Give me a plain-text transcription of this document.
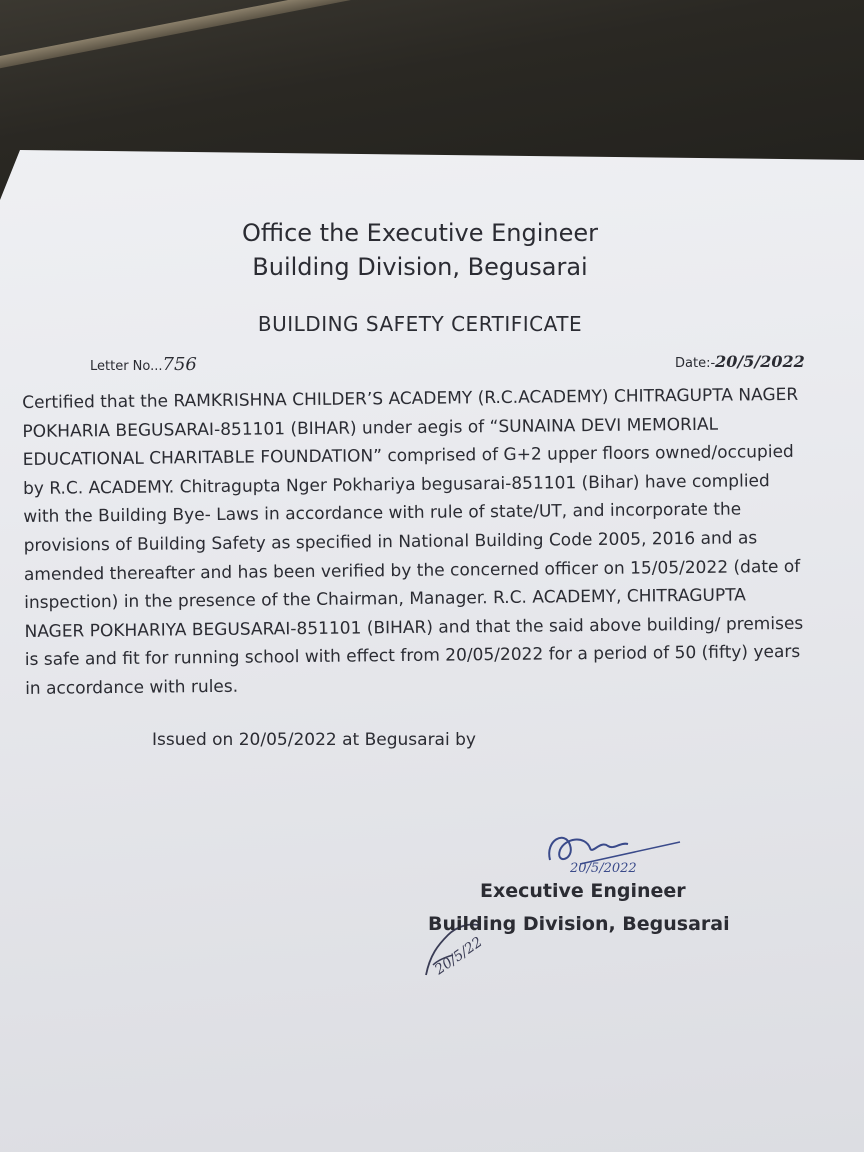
Office the Executive Engineer
Building Division, Begusarai
BUILDING SAFETY CERTIFICATE
Letter No...756	Date:-20/5/2022
Certified that the RAMKRISHNA CHILDER’S ACADEMY (R.C.ACADEMY) CHITRAGUPTA NAGER
POKHARIA BEGUSARAI-851101 (BIHAR) under aegis of “SUNAINA DEVI MEMORIAL
EDUCATIONAL CHARITABLE FOUNDATION” comprised of G+2 upper floors owned/occupied
by R.C. ACADEMY. Chitragupta Nger Pokhariya begusarai-851101 (Bihar) have complied
with the Building Bye- Laws in accordance with rule of state/UT, and incorporate the
provisions of Building Safety as specified in National Building Code 2005, 2016 and as
amended thereafter and has been verified by the concerned officer on 15/05/2022 (date of
inspection) in the presence of the Chairman, Manager. R.C. ACADEMY, CHITRAGUPTA
NAGER POKHARIYA BEGUSARAI-851101 (BIHAR) and that the said above building/ premises
is safe and fit for running school with effect from 20/05/2022 for a period of 50 (fifty) years
in accordance with rules.
Issued on 20/05/2022 at Begusarai by
20/5/2022
20/5/22
Executive Engineer
Building Division, Begusarai
